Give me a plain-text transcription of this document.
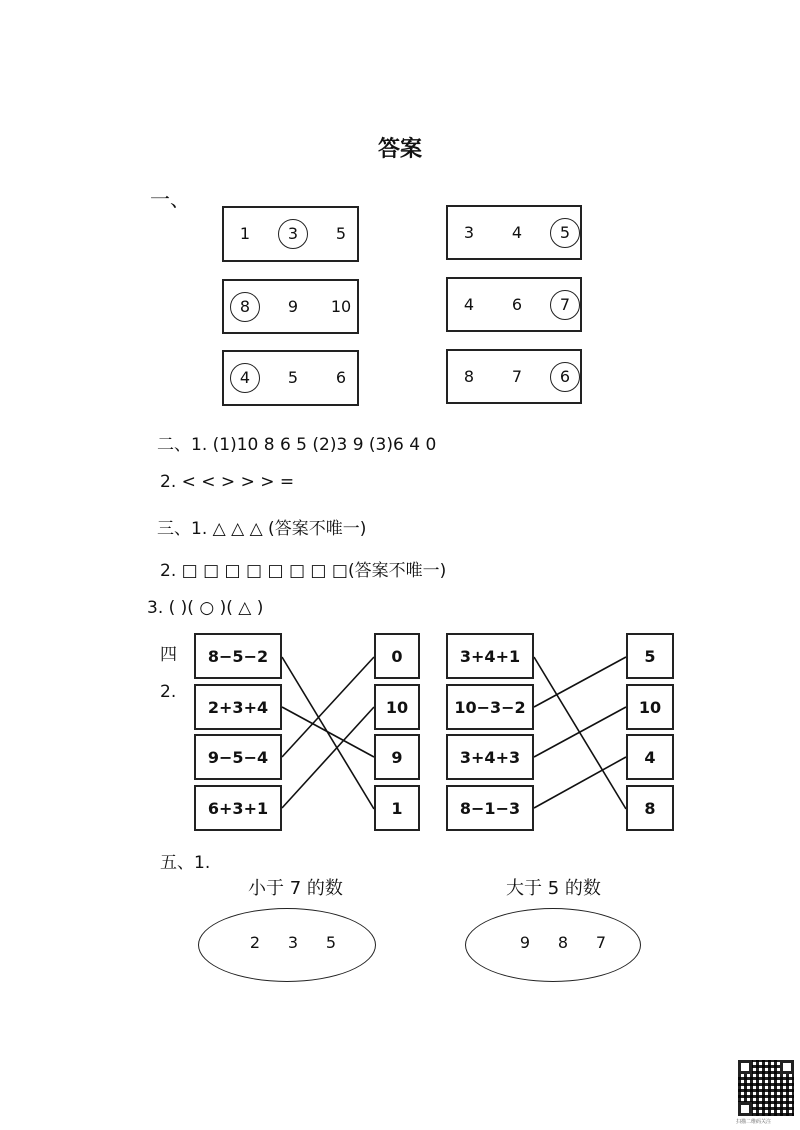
答案
一、
1	3	5	3	4	5
8	9	10	4	6	7
4	5	6	8	7	6
二、1. (1)10 8 6 5 (2)3 9 (3)6 4 0
2. < < > > > =
三、1. △ △ △ (答案不唯一)
2. □ □ □ □ □ □ □ □(答案不唯一)
3. ( )( ○ )( △ )
四
2.
8−5−2
2+3+4
9−5−4
6+3+1
0
10
9
1
3+4+1
10−3−2
3+4+3
8−1−3
5
10
4
8
五、1.
小于 7 的数	大于 5 的数
2	3	5	9	8	7
扫描二维码关注
